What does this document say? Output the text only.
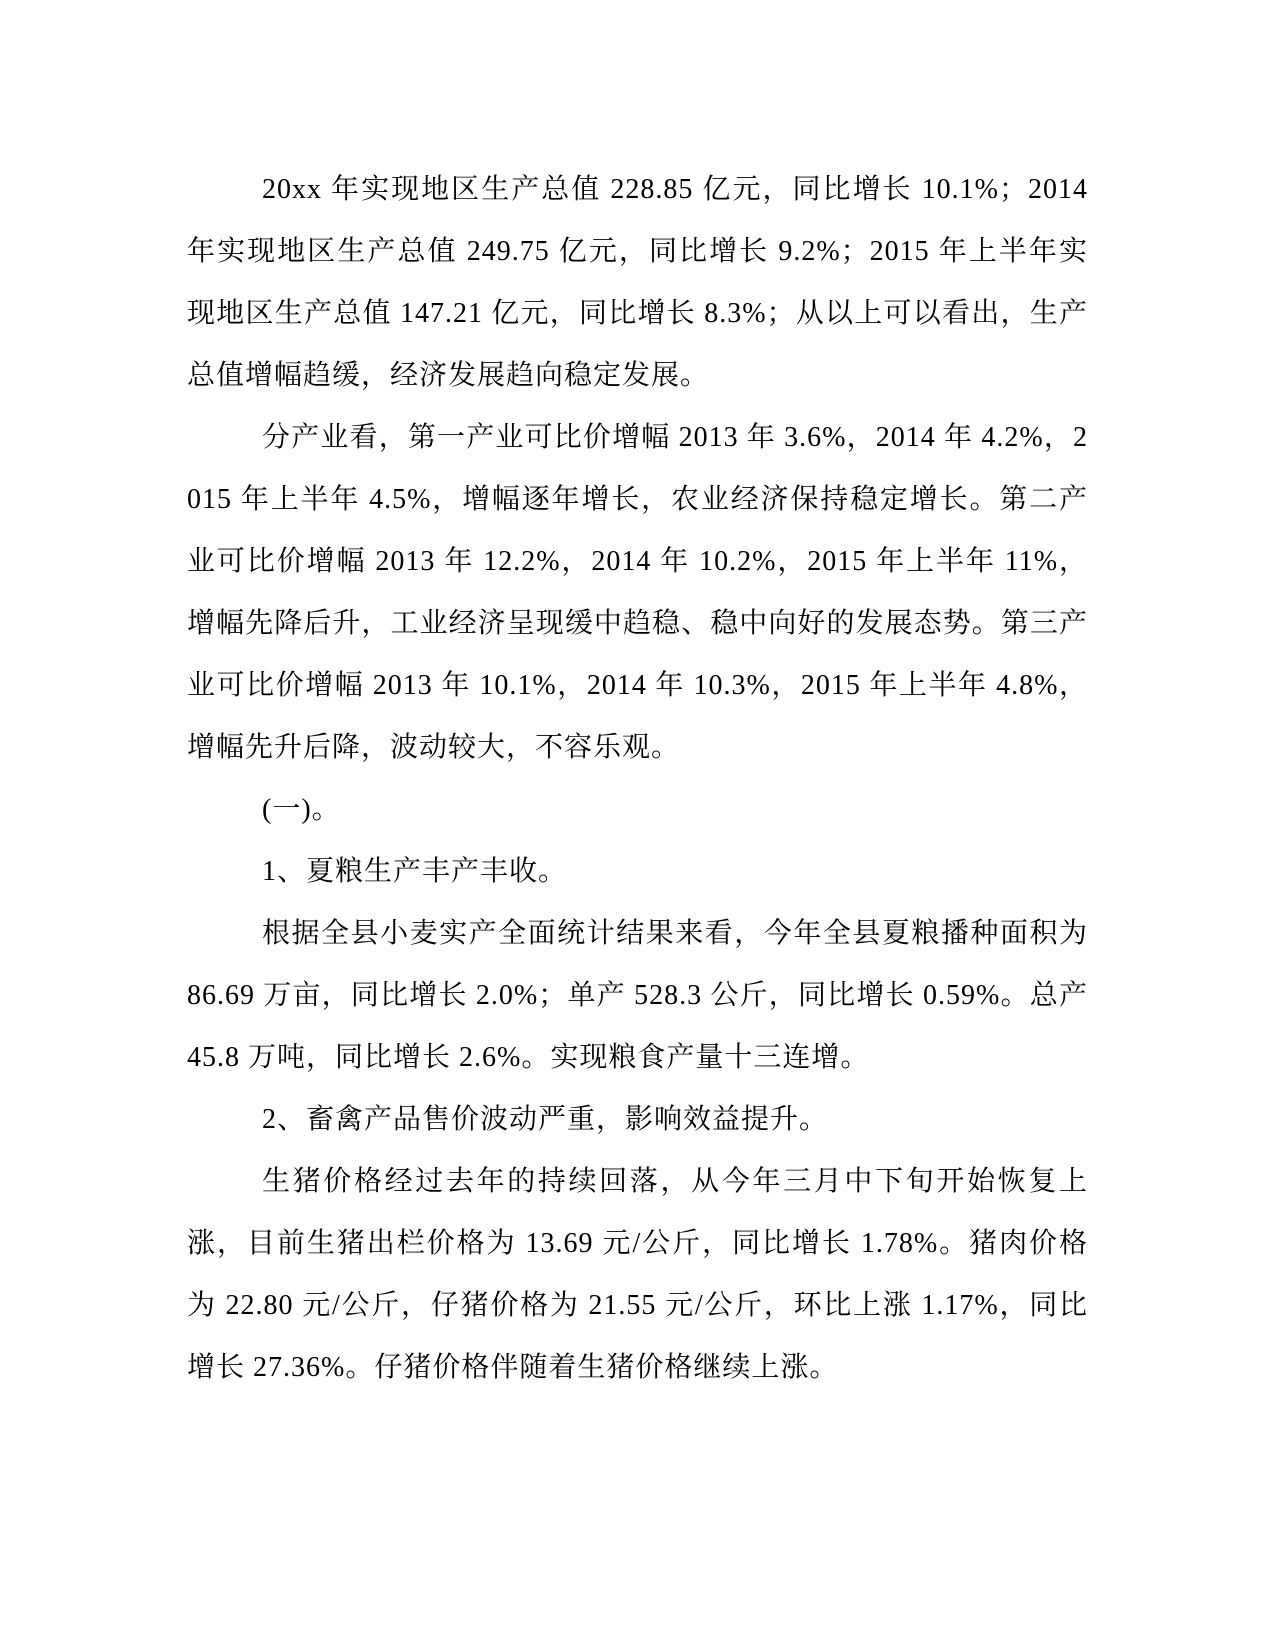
20xx 年实现地区生产总值 228.85 亿元，同比增长 10.1%；2014 年实现地区生产总值 249.75 亿元，同比增长 9.2%；2015 年上半年实现地区生产总值 147.21 亿元，同比增长 8.3%；从以上可以看出，生产总值增幅趋缓，经济发展趋向稳定发展。

分产业看，第一产业可比价增幅 2013 年 3.6%，2014 年 4.2%，2015 年上半年 4.5%，增幅逐年增长，农业经济保持稳定增长。第二产业可比价增幅 2013 年 12.2%，2014 年 10.2%，2015 年上半年 11%，增幅先降后升，工业经济呈现缓中趋稳、稳中向好的发展态势。第三产业可比价增幅 2013 年 10.1%，2014 年 10.3%，2015 年上半年 4.8%，增幅先升后降，波动较大，不容乐观。

(一)。

1、夏粮生产丰产丰收。

根据全县小麦实产全面统计结果来看，今年全县夏粮播种面积为 86.69 万亩，同比增长 2.0%；单产 528.3 公斤，同比增长 0.59%。总产 45.8 万吨，同比增长 2.6%。实现粮食产量十三连增。

2、畜禽产品售价波动严重，影响效益提升。

生猪价格经过去年的持续回落，从今年三月中下旬开始恢复上涨，目前生猪出栏价格为 13.69 元/公斤，同比增长 1.78%。猪肉价格为 22.80 元/公斤，仔猪价格为 21.55 元/公斤，环比上涨 1.17%，同比增长 27.36%。仔猪价格伴随着生猪价格继续上涨。
